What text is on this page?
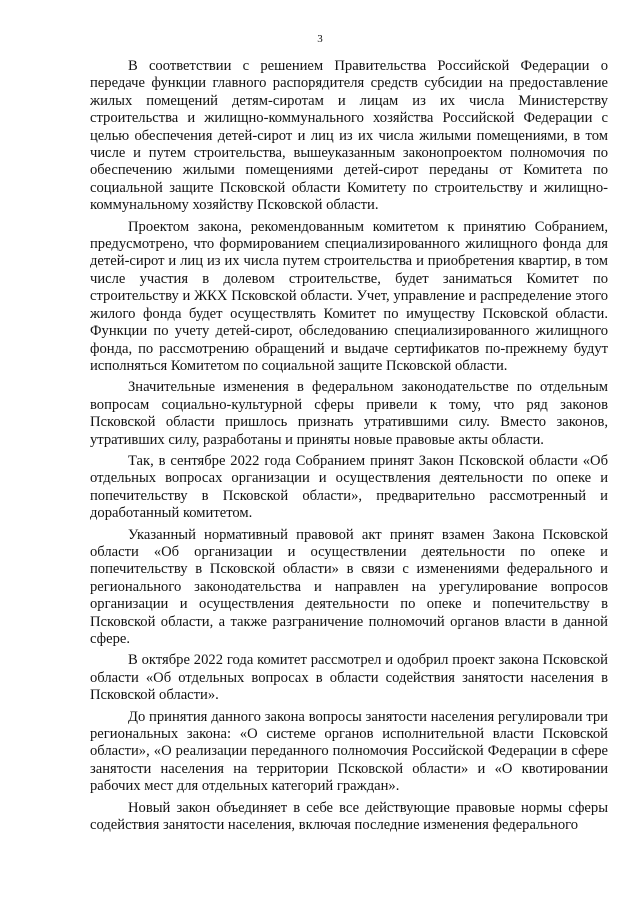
3

В соответствии с решением Правительства Российской Федерации о передаче функции главного распорядителя средств субсидии на предоставление жилых помещений детям-сиротам и лицам из их числа Министерству строительства и жилищно-коммунального хозяйства Российской Федерации с целью обеспечения детей-сирот и лиц из их числа жилыми помещениями, в том числе и путем строительства, вышеуказанным законопроектом полномочия по обеспечению жилыми помещениями детей-сирот переданы от Комитета по социальной защите Псковской области Комитету по строительству и жилищно-коммунальному хозяйству Псковской области.

Проектом закона, рекомендованным комитетом к принятию Собранием, предусмотрено, что формированием специализированного жилищного фонда для детей-сирот и лиц из их числа путем строительства и приобретения квартир, в том числе участия в долевом строительстве, будет заниматься Комитет по строительству и ЖКХ Псковской области. Учет, управление и распределение этого жилого фонда будет осуществлять Комитет по имуществу Псковской области. Функции по учету детей-сирот, обследованию специализированного жилищного фонда, по рассмотрению обращений и выдаче сертификатов по-прежнему будут исполняться Комитетом по социальной защите Псковской области.

Значительные изменения в федеральном законодательстве по отдельным вопросам социально-культурной сферы привели к тому, что ряд законов Псковской области пришлось признать утратившими силу. Вместо законов, утративших силу, разработаны и приняты новые правовые акты области.

Так, в сентябре 2022 года Собранием принят Закон Псковской области «Об отдельных вопросах организации и осуществления деятельности по опеке и попечительству в Псковской области», предварительно рассмотренный и доработанный комитетом.

Указанный нормативный правовой акт принят взамен Закона Псковской области «Об организации и осуществлении деятельности по опеке и попечительству в Псковской области» в связи с изменениями федерального и регионального законодательства и направлен на урегулирование вопросов организации и осуществления деятельности по опеке и попечительству в Псковской области, а также разграничение полномочий органов власти в данной сфере.

В октябре 2022 года комитет рассмотрел и одобрил проект закона Псковской области «Об отдельных вопросах в области содействия занятости населения в Псковской области».

До принятия данного закона вопросы занятости населения регулировали три региональных закона: «О системе органов исполнительной власти Псковской области», «О реализации переданного полномочия Российской Федерации в сфере занятости населения на территории Псковской области» и «О квотировании рабочих мест для отдельных категорий граждан».

Новый закон объединяет в себе все действующие правовые нормы сферы содействия занятости населения, включая последние изменения федерального
